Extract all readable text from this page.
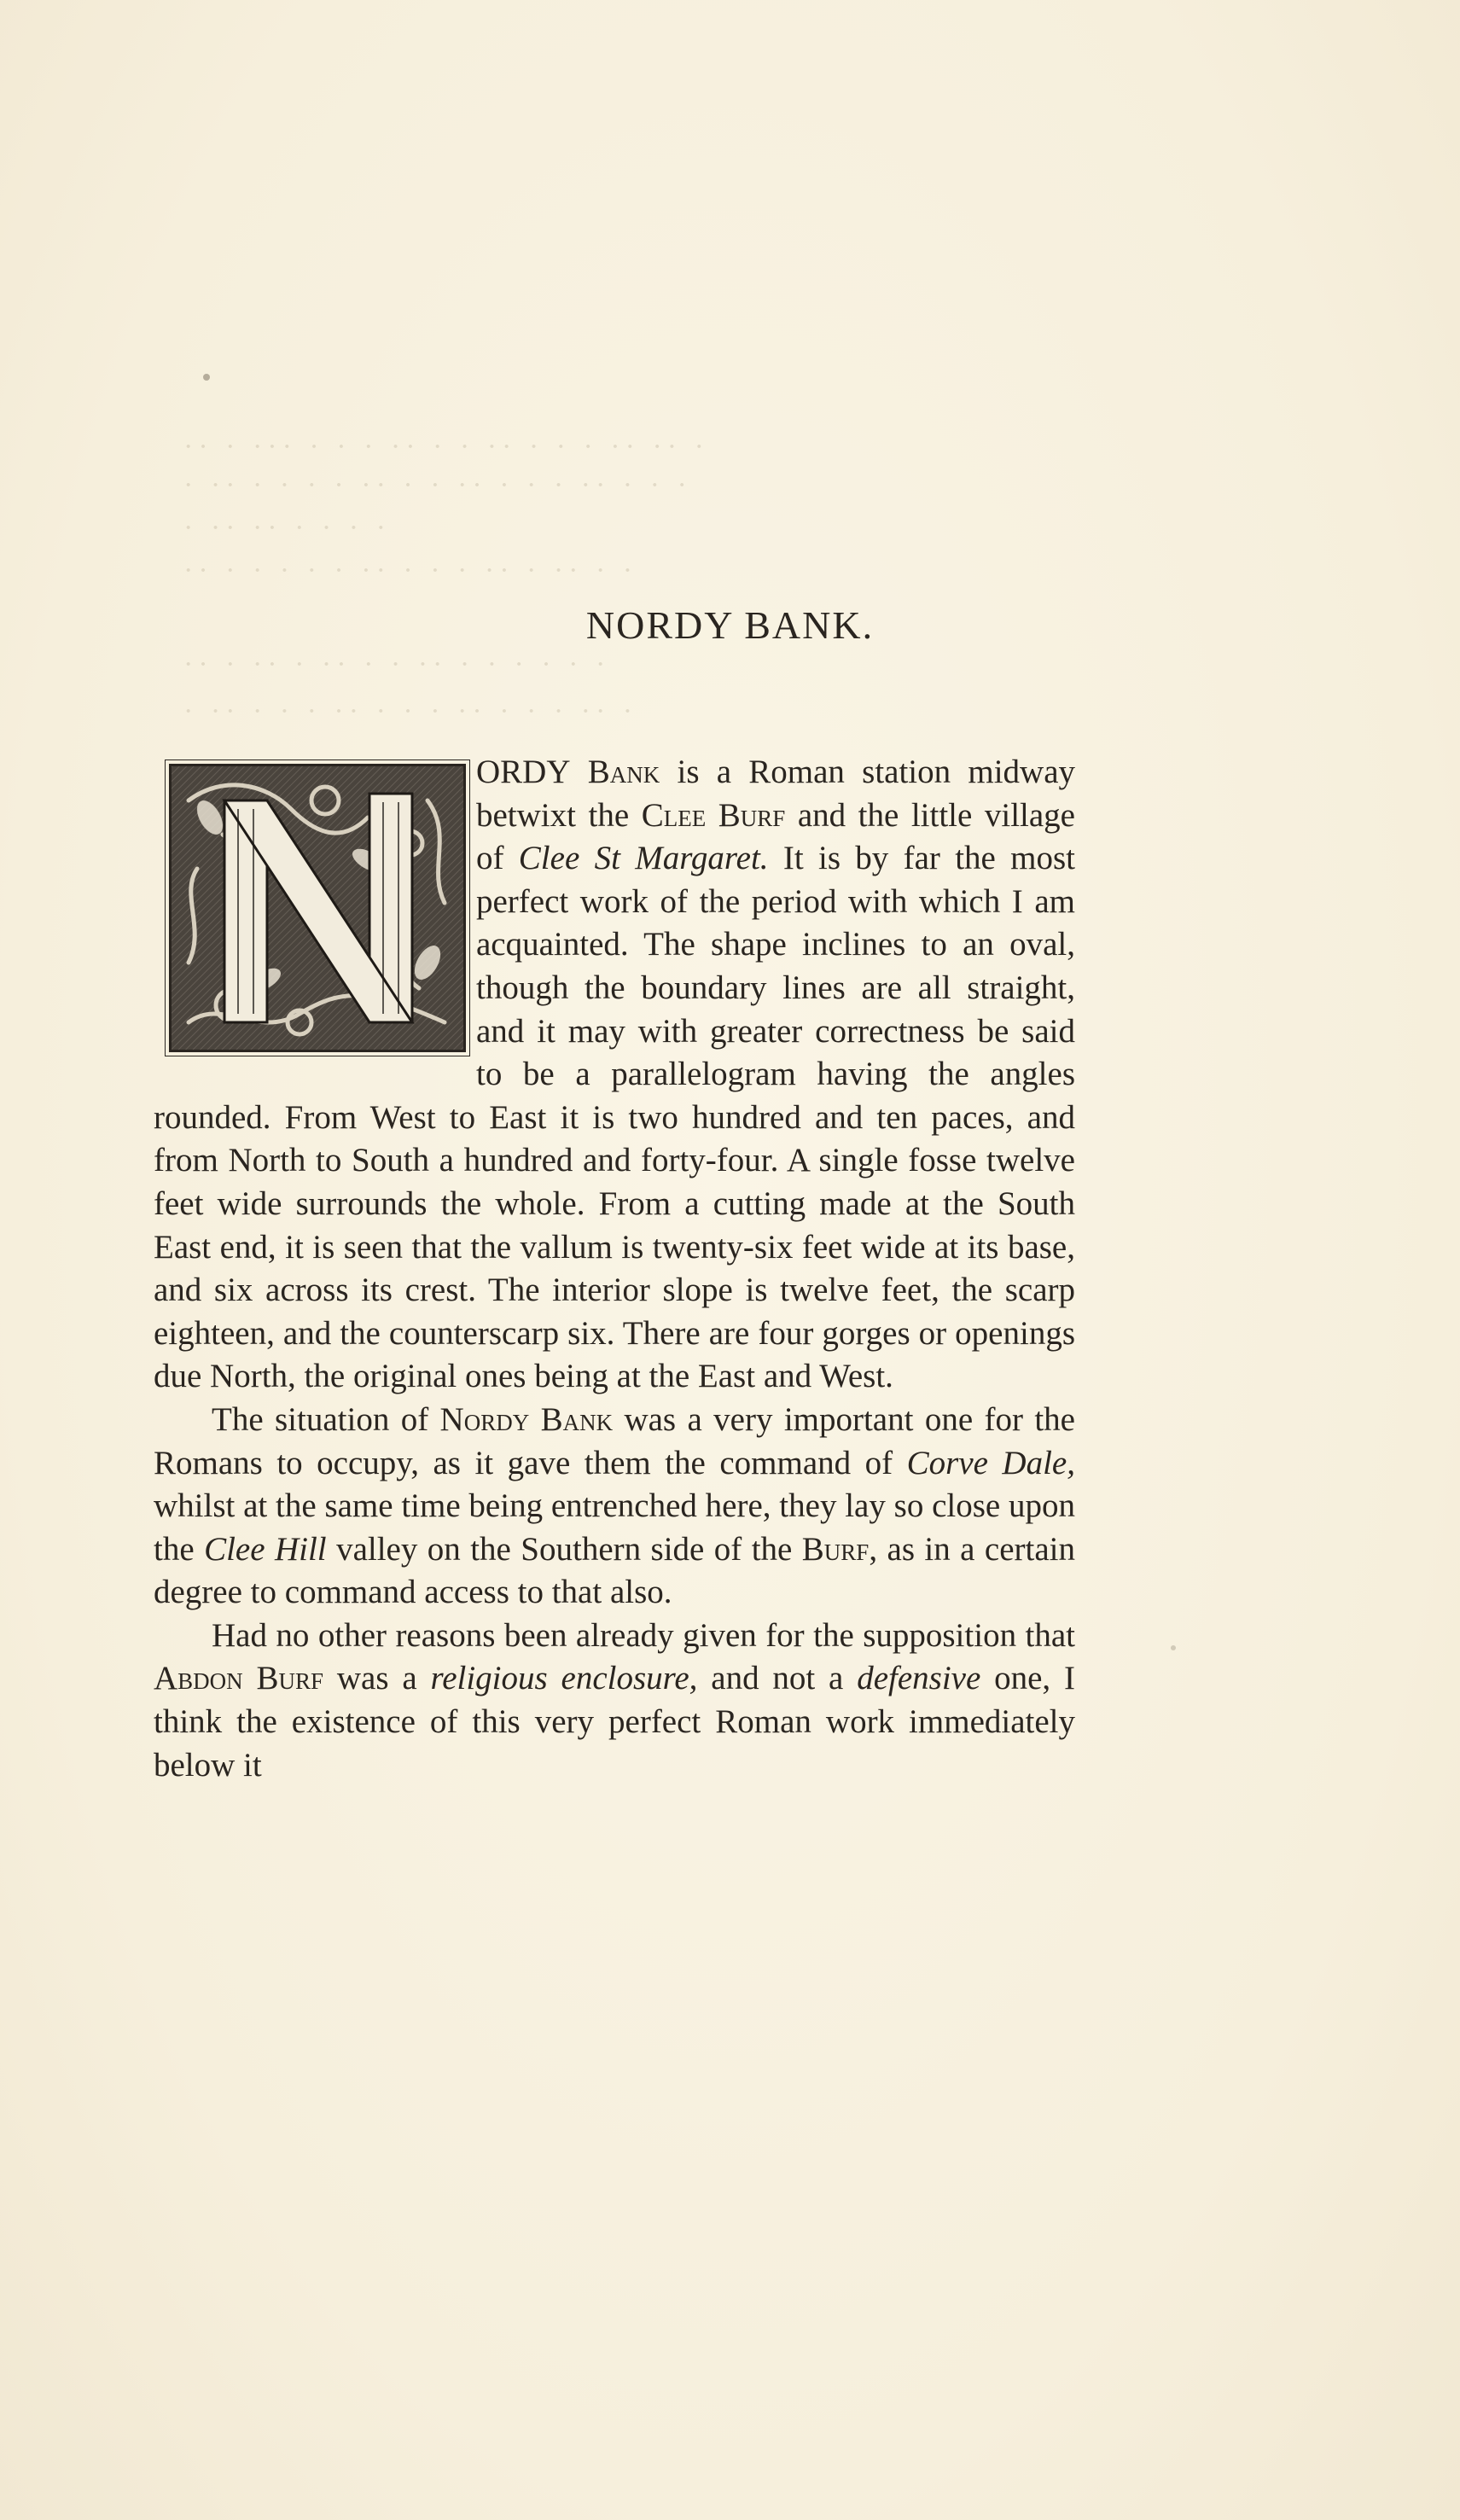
·· · ··· · · · ·· · · ·· · · · ·· ·· ·
· ·· · · · · ·· · · ·· · · · ·· · · ·
· ·· ·· · · · ·
·· · · · · · ·· · · · ·· · ·· · ·
·· · ·· · ·· · · ·· · · · · · ·
· ·· · · · ·· · · · ·· · · · ·· ·
NORDY BANK.

ORDY Bank is a Roman station midway betwixt the Clee Burf and the little village of Clee St Margaret. It is by far the most perfect work of the period with which I am acquainted. The shape inclines to an oval, though the boundary lines are all straight, and it may with greater correctness be said to be a parallelogram having the angles rounded. From West to East it is two hundred and ten paces, and from North to South a hundred and forty-four. A single fosse twelve feet wide surrounds the whole. From a cutting made at the South East end, it is seen that the vallum is twenty-six feet wide at its base, and six across its crest. The interior slope is twelve feet, the scarp eighteen, and the counterscarp six. There are four gorges or openings due North, the original ones being at the East and West.

The situation of Nordy Bank was a very important one for the Romans to occupy, as it gave them the command of Corve Dale, whilst at the same time being entrenched here, they lay so close upon the Clee Hill valley on the Southern side of the Burf, as in a certain degree to command access to that also.

Had no other reasons been already given for the supposition that Abdon Burf was a religious enclosure, and not a defensive one, I think the existence of this very perfect Roman work immediately below it
